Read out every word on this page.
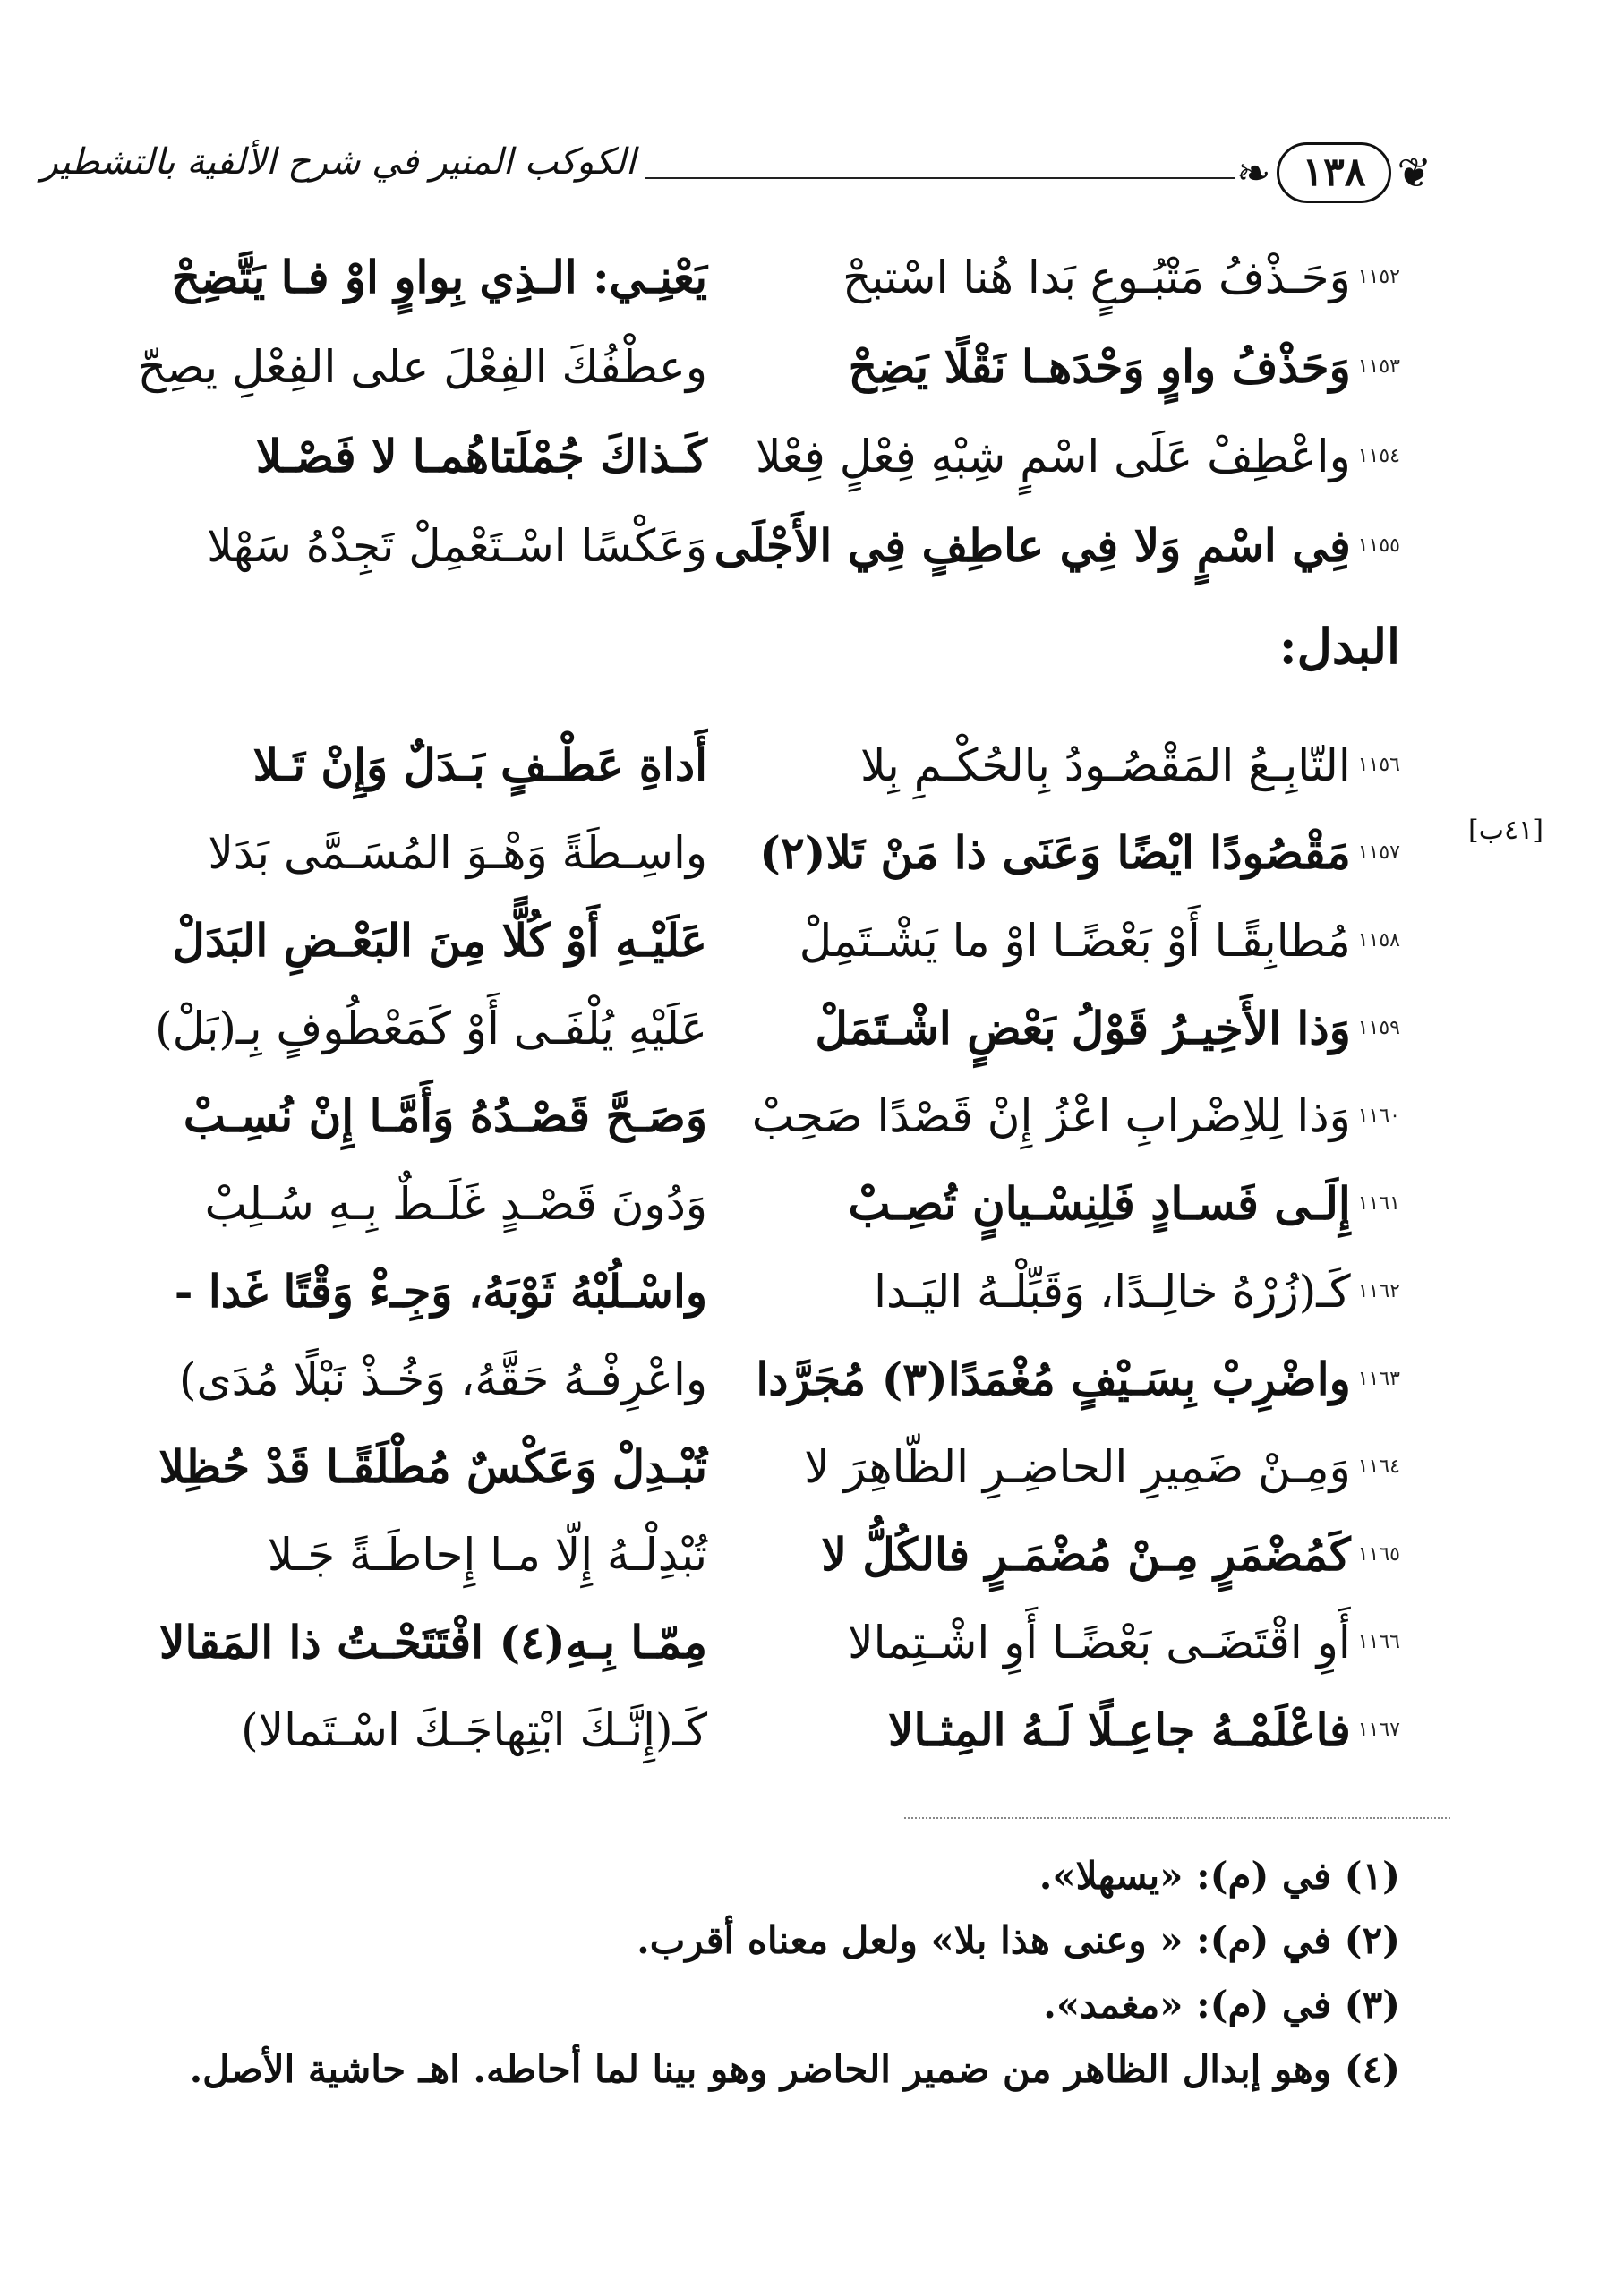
❦
١٣٨
❧
الكوكب المنير في شرح الألفية بالتشطير
١١٥٢
وَحَـذْفُ مَتْبُـوعٍ بَدا هُنا اسْتبحْ
يَعْنِـي: الـذِي بِواوٍ اوْ فـا يَتَّضِحْ
١١٥٣
وَحَذْفُ واوٍ وَحْدَهـا نَقْلًا يَضِحْ
وعطْفُكَ الفِعْلَ على الفِعْلِ يصِحّ
١١٥٤
واعْطِفْ عَلَى اسْمٍ شِبْهِ فِعْلٍ فِعْلا
كَـذاكَ جُمْلَتاهُمـا لا فَصْـلا
١١٥٥
فِي اسْمٍ وَلا فِي عاطِفٍ فِي الأَجْلَى
وَعَكْسًا اسْـتَعْمِلْ تَجِدْهُ سَهْلا
البدل:
[٤١ب]
١١٥٦
التّابِـعُ المَقْصُـودُ بِالحُكْـمِ بِلا
أَداةِ عَطْـفٍ بَـدَلٌ وَإِنْ تَـلا
١١٥٧
مَقْصُودًا ايْضًا وَعَنَى ذا مَنْ تَلا(٢)
واسِـطَةً وَهْـوَ المُسَـمَّى بَدَلا
١١٥٨
مُطابِقًـا أَوْ بَعْضًـا اوْ ما يَشْـتَمِلْ
عَلَيْـهِ أَوْ كُلًّا مِنَ البَعْـضِ البَدَلْ
١١٥٩
وَذا الأَخِيـرُ قَوْلُ بَعْضٍ اشْـتَمَلْ
عَلَيْهِ يُلْفَـى أَوْ كَمَعْطُوفٍ بِـ(بَلْ)
١١٦٠
وَذا لِلاِضْرابِ اعْزُ إِنْ قَصْدًا صَحِبْ
وَصَـحَّ قَصْـدُهُ وَأَمَّـا إِنْ نُسِـبْ
١١٦١
إِلَـى فَسـادٍ فَلِنِسْـيانٍ تُصِـبْ
وَدُونَ قَصْـدٍ غَلَـطٌ بِـهِ سُـلِبْ
١١٦٢
كَـ(زُرْهُ خالِـدًا، وَقَبِّلْـهُ اليَـدا
واسْـلُبْهُ ثَوْبَهُ، وَجِـءْ وَقْتًا غَدا -
١١٦٣
واضْرِبْ بِسَـيْفٍ مُغْمَدًا(٣) مُجَرَّدا
واعْرِفْـهُ حَقَّهُ، وَخُـذْ نَبْلًا مُدَى)
١١٦٤
وَمِـنْ ضَمِيرِ الحاضِـرِ الظّاهِرَ لا
تُبْـدِلْ وَعَكْسٌ مُطْلَقًـا قَدْ حُظِلا
١١٦٥
كَمُضْمَرٍ مِـنْ مُضْمَـرٍ فالكُلُّ لا
تُبْدِلْـهُ إِلّا مـا إِحاطَـةً جَـلا
١١٦٦
أَوِ اقْتَضَـى بَعْضًـا أَوِ اشْـتِمالا
مِمّـا بِـهِ(٤) افْتَتَحْـتُ ذا المَقالا
١١٦٧
فاعْلَمْـهُ جاعِـلًا لَـهُ المِثـالا
كَـ(إِنَّـكَ ابْتِهاجَـكَ اسْـتَمالا)
(١) في (م): «يسهلا».
(٢) في (م): « وعنى هذا بلا» ولعل معناه أقرب.
(٣) في (م): «مغمد».
(٤) وهو إبدال الظاهر من ضمير الحاضر وهو بينا لما أحاطه. اهـ حاشية الأصل.
